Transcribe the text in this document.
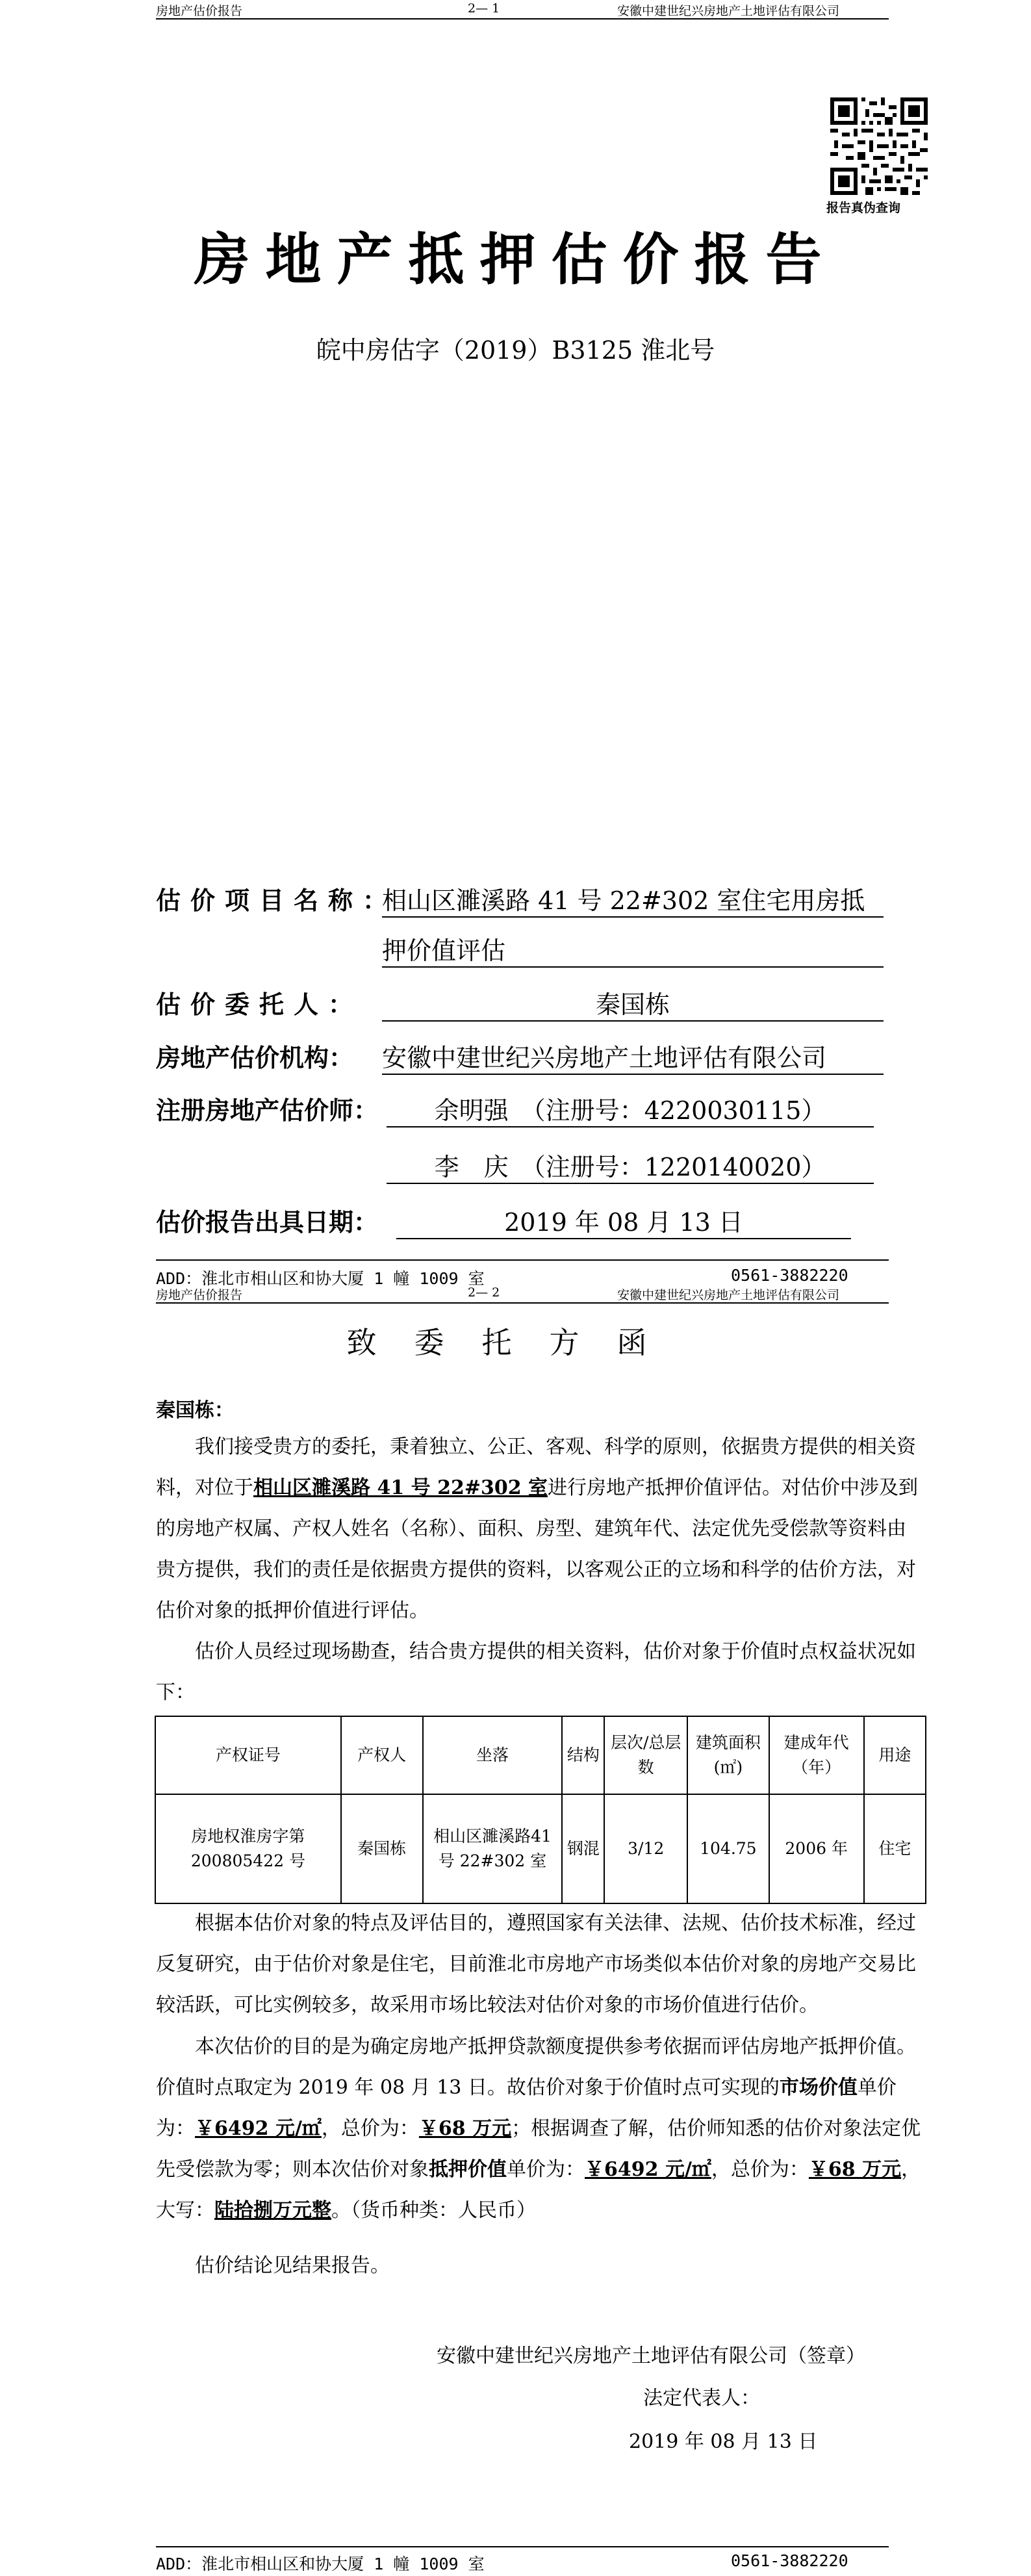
房地产估价报告	2— 1	安徽中建世纪兴房地产土地评估有限公司
报告真伪查询
房地产抵押估价报告
皖中房估字（2019）B3125 淮北号
估价项目名称：
相山区濉溪路 41 号 22#302 室住宅用房抵
押价值评估
估价委托人：	秦国栋
房地产估价机构： 安徽中建世纪兴房地产土地评估有限公司
注册房地产估价师：	余明强　（注册号：4220030115）
李　庆　（注册号：1220140020）
估价报告出具日期：	2019 年 08 月 13 日
ADD：淮北市相山区和协大厦 1 幢 1009 室	0561-3882220
房地产估价报告	2— 2	安徽中建世纪兴房地产土地评估有限公司
致委托方函
秦国栋：
我们接受贵方的委托，秉着独立、公正、客观、科学的原则，依据贵方提供的相关资料，对位于相山区濉溪路 41 号 22#302 室进行房地产抵押价值评估。对估价中涉及到的房地产权属、产权人姓名（名称）、面积、房型、建筑年代、法定优先受偿款等资料由贵方提供，我们的责任是依据贵方提供的资料，以客观公正的立场和科学的估价方法，对估价对象的抵押价值进行评估。
估价人员经过现场勘查，结合贵方提供的相关资料，估价对象于价值时点权益状况如下：
产权证号	产权人	坐落	结构	层次/总层数	建筑面积(㎡)	建成年代（年）	用途
房地权淮房字第200805422 号	秦国栋	相山区濉溪路41 号 22#302 室	钢混	3/12	104.75	2006 年	住宅
根据本估价对象的特点及评估目的，遵照国家有关法律、法规、估价技术标准，经过反复研究，由于估价对象是住宅，目前淮北市房地产市场类似本估价对象的房地产交易比较活跃，可比实例较多，故采用市场比较法对估价对象的市场价值进行估价。
本次估价的目的是为确定房地产抵押贷款额度提供参考依据而评估房地产抵押价值。价值时点取定为 2019 年 08 月 13 日。故估价对象于价值时点可实现的市场价值单价为：￥6492 元/㎡，总价为：￥68 万元；根据调查了解，估价师知悉的估价对象法定优先受偿款为零；则本次估价对象抵押价值单价为：￥6492 元/㎡，总价为：￥68 万元，大写：陆拾捌万元整。（货币种类：人民币）
估价结论见结果报告。
安徽中建世纪兴房地产土地评估有限公司（签章）
法定代表人：
2019 年 08 月 13 日
ADD：淮北市相山区和协大厦 1 幢 1009 室	0561-3882220
